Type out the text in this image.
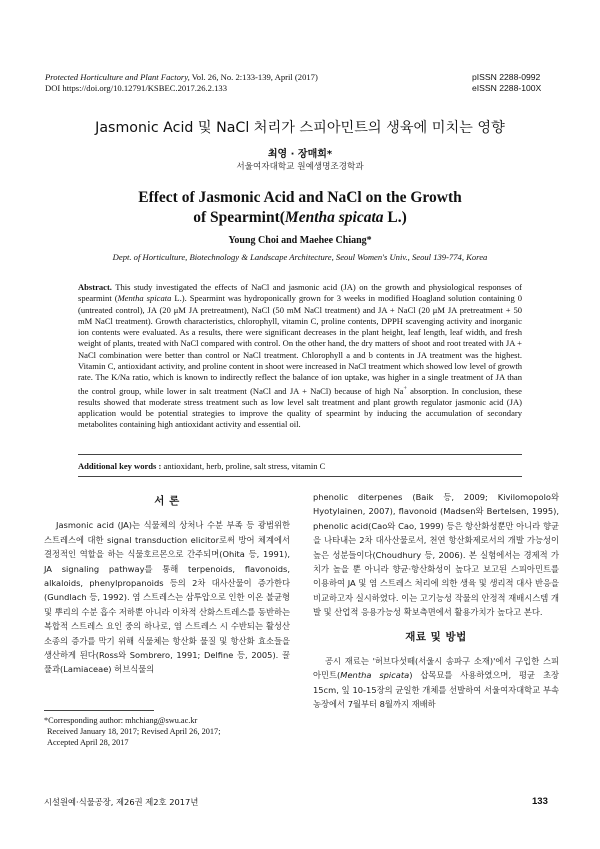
Protected Horticulture and Plant Factory, Vol. 26, No. 2:133-139, April (2017)
DOI https://doi.org/10.12791/KSBEC.2017.26.2.133
pISSN 2288-0992
eISSN 2288-100X
Jasmonic Acid 및 NaCl 처리가 스피아민트의 생육에 미치는 영향
최영 · 장매희*
서울여자대학교 원예생명조경학과
Effect of Jasmonic Acid and NaCl on the Growth
of Spearmint(Mentha spicata L.)
Young Choi and Maehee Chiang*
Dept. of Horticulture, Biotechnology & Landscape Architecture, Seoul Women's Univ., Seoul 139-774, Korea
Abstract. This study investigated the effects of NaCl and jasmonic acid (JA) on the growth and physiological responses of spearmint (Mentha spicata L.). Spearmint was hydroponically grown for 3 weeks in modified Hoagland solution containing 0 (untreated control), JA (20 μM JA pretreatment), NaCl (50 mM NaCl treatment) and JA + NaCl (20 μM JA pretreatment + 50 mM NaCl treatment). Growth characteristics, chlorophyll, vitamin C, proline contents, DPPH scavenging activity and inorganic ion contents were evaluated. As a results, there were significant decreases in the plant height, leaf length, leaf width, and fresh weight of plants, treated with NaCl compared with control. On the other hand, the dry matters of shoot and root treated with JA + NaCl combination were better than control or NaCl treatment. Chlorophyll a and b contents in JA treatment was the highest. Vitamin C, antioxidant activity, and proline content in shoot were increased in NaCl treatment which showed low level of growth rate. The K/Na ratio, which is known to indirectly reflect the balance of ion uptake, was higher in a single treatment of JA than the control group, while lower in salt treatment (NaCl and JA + NaCl) because of high Na+ absorption. In conclusion, these results showed that moderate stress treatment such as low level salt treatment and plant growth regulator jasmonic acid (JA) application would be potential strategies to improve the quality of spearmint by inducing the accumulation of secondary metabolites containing high antioxidant activity and essential oil.
Additional key words : antioxidant, herb, proline, salt stress, vitamin C
서 론

Jasmonic acid (JA)는 식물체의 상처나 수분 부족 등 광범위한 스트레스에 대한 signal transduction elicitor로써 방어 체계에서 결정적인 역할을 하는 식물호르몬으로 간주되며(Ohita 등, 1991), JA signaling pathway를 통해 terpenoids, flavonoids, alkaloids, phenylpropanoids 등의 2차 대사산물이 증가한다(Gundlach 등, 1992). 염 스트레스는 삼투압으로 인한 이온 불균형 및 뿌리의 수분 흡수 저하뿐 아니라 이차적 산화스트레스를 동반하는 복합적 스트레스 요인 중의 하나로, 염 스트레스 시 수반되는 활성산소종의 증가를 막기 위해 식물체는 항산화 물질 및 항산화 효소들을 생산하게 된다(Ross와 Sombrero, 1991; Delfine 등, 2005). 꿀풀과(Lamiaceae) 허브식물의

phenolic diterpenes (Baik 등, 2009; Kivilomopolo와 Hyotylainen, 2007), flavonoid (Madsen와 Bertelsen, 1995), phenolic acid(Cao와 Cao, 1999) 등은 항산화성뿐만 아니라 향균을 나타내는 2차 대사산물로서, 천연 항산화제로서의 개발 가능성이 높은 성분들이다(Choudhury 등, 2006). 본 실험에서는 경제적 가치가 높을 뿐 아니라 향균·항산화성이 높다고 보고된 스피아민트를 이용하여 JA 및 염 스트레스 처리에 의한 생육 및 생리적 대사 반응을 비교하고자 실시하였다. 이는 고기능성 작물의 안정적 재배시스템 개발 및 산업적 응용가능성 확보측면에서 활용가치가 높다고 본다.

재료 및 방법

공시 재료는 '허브다섯떼(서울시 송파구 소재)'에서 구입한 스피아민트(Mentha spicata) 삽목묘를 사용하였으며, 평균 초장 15cm, 잎 10-15장의 균일한 개체를 선발하여 서울여자대학교 부속농장에서 7월부터 8월까지 재배하

*Corresponding author: mhchiang@swu.ac.kr
Received January 18, 2017; Revised April 26, 2017;
Accepted April 28, 2017
시설원예·식물공장, 제26권 제2호 2017년	133
